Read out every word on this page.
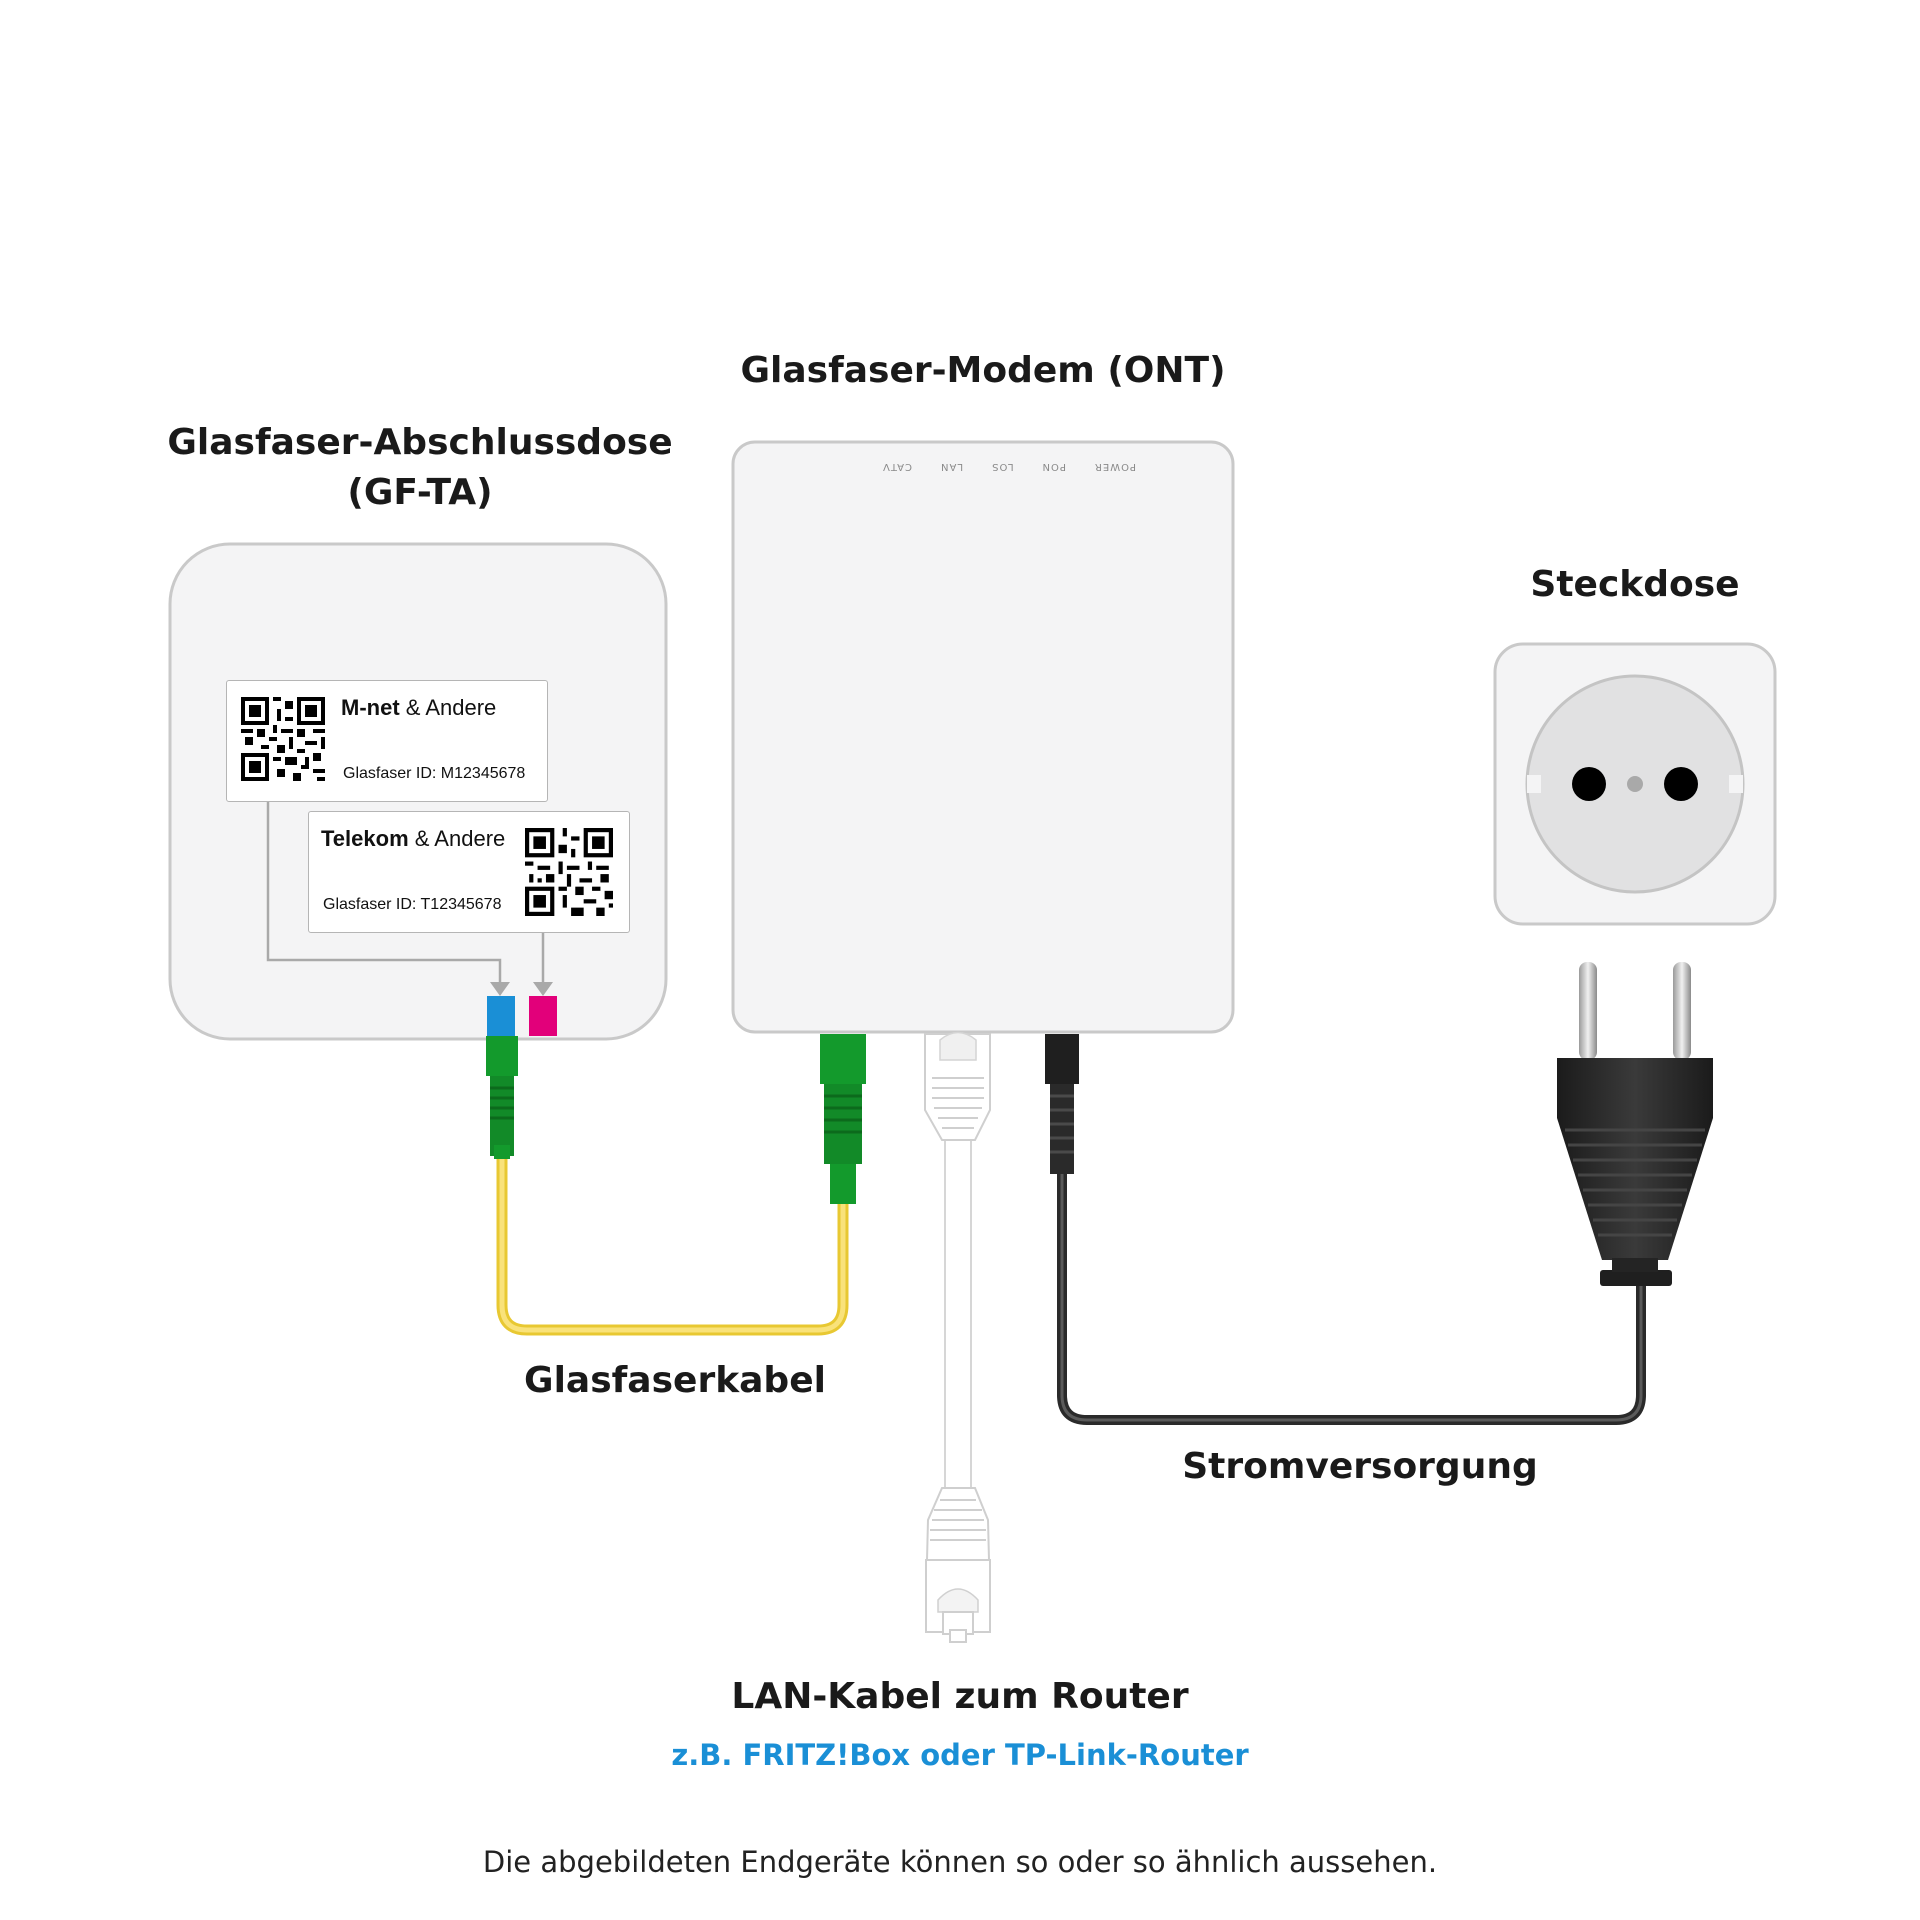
M-net & Andere
Glasfaser ID: M12345678
Telekom & Andere
Glasfaser ID: T12345678
POWERPONLOSLANCATV
Glasfaser-Abschlussdose
(GF-TA)
Glasfaser-Modem (ONT)
Steckdose
Glasfaserkabel
Stromversorgung
LAN-Kabel zum Router
z.B. FRITZ!Box oder TP-Link-Router
Die abgebildeten Endgeräte können so oder so ähnlich aussehen.
